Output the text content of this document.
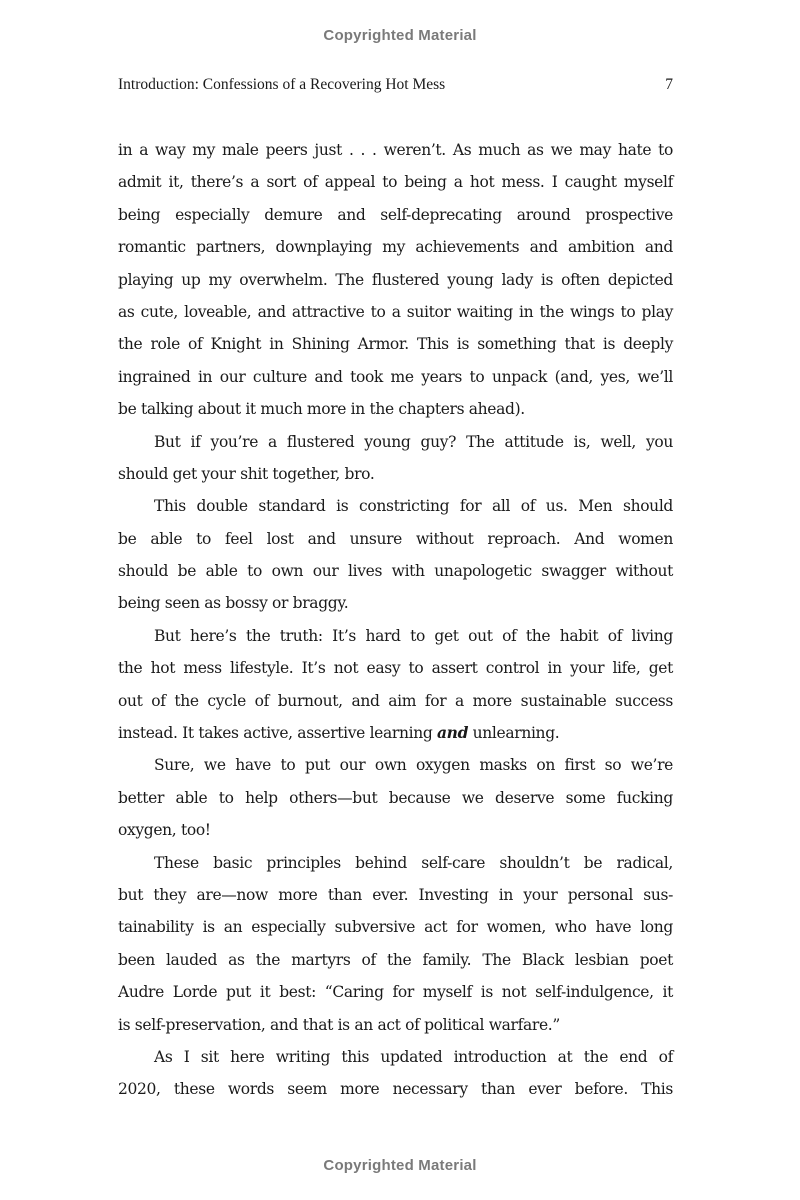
Copyrighted Material
Introduction: Confessions of a Recovering Hot Mess	7
in a way my male peers just . . . weren’t. As much as we may hate to
admit it, there’s a sort of appeal to being a hot mess. I caught myself
being especially demure and self-deprecating around prospective
romantic partners, downplaying my achievements and ambition and
playing up my overwhelm. The flustered young lady is often depicted
as cute, loveable, and attractive to a suitor waiting in the wings to play
the role of Knight in Shining Armor. This is something that is deeply
ingrained in our culture and took me years to unpack (and, yes, we’ll
be talking about it much more in the chapters ahead).
But if you’re a flustered young guy? The attitude is, well, you
should get your shit together, bro.
This double standard is constricting for all of us. Men should
be able to feel lost and unsure without reproach. And women
should be able to own our lives with unapologetic swagger without
being seen as bossy or braggy.
But here’s the truth: It’s hard to get out of the habit of living
the hot mess lifestyle. It’s not easy to assert control in your life, get
out of the cycle of burnout, and aim for a more sustainable success
instead. It takes active, assertive learning and unlearning.
Sure, we have to put our own oxygen masks on first so we’re
better able to help others—but because we deserve some fucking
oxygen, too!
These basic principles behind self-care shouldn’t be radical,
but they are—now more than ever. Investing in your personal sus-
tainability is an especially subversive act for women, who have long
been lauded as the martyrs of the family. The Black lesbian poet
Audre Lorde put it best: “Caring for myself is not self-indulgence, it
is self-preservation, and that is an act of political warfare.”
As I sit here writing this updated introduction at the end of
2020, these words seem more necessary than ever before. This
Copyrighted Material
